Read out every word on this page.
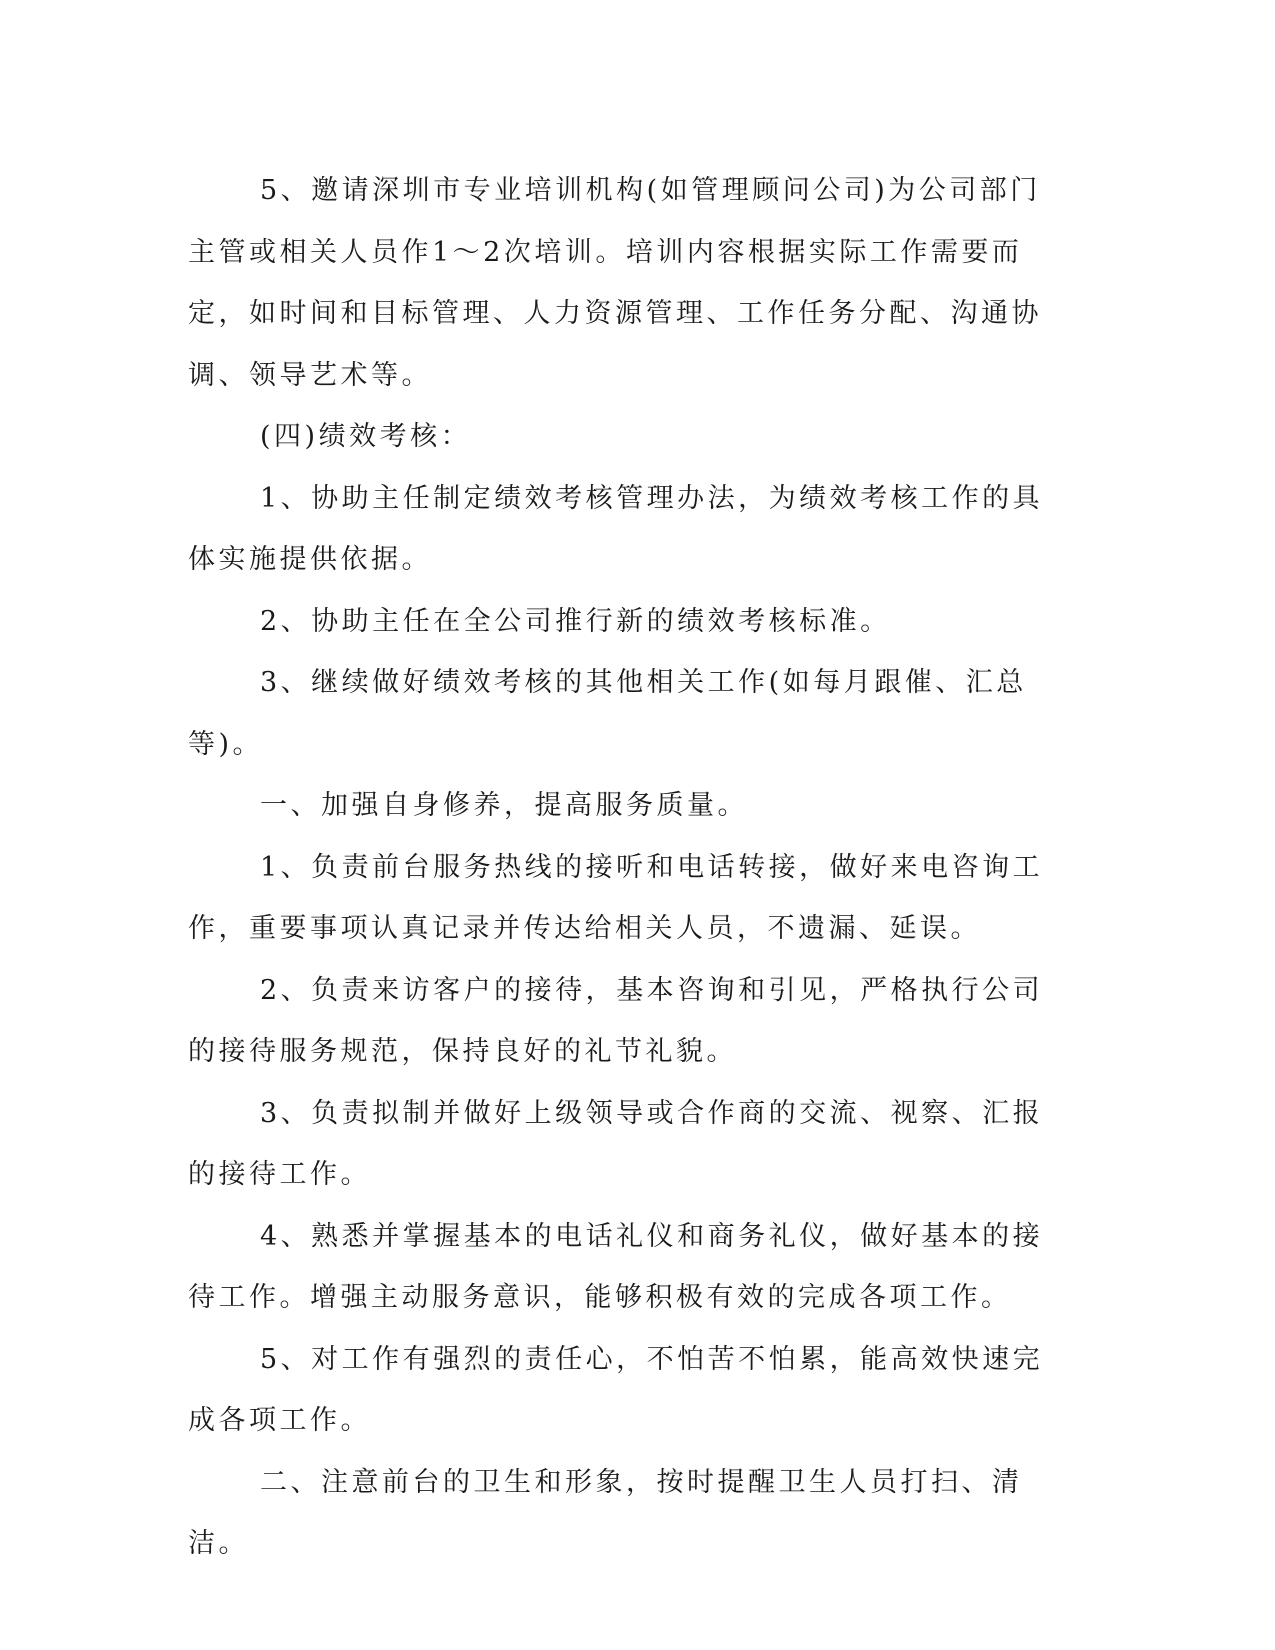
5、邀请深圳市专业培训机构(如管理顾问公司)为公司部门主管或相关人员作1～2次培训。培训内容根据实际工作需要而定，如时间和目标管理、人力资源管理、工作任务分配、沟通协调、领导艺术等。

(四)绩效考核：

1、协助主任制定绩效考核管理办法，为绩效考核工作的具体实施提供依据。

2、协助主任在全公司推行新的绩效考核标准。

3、继续做好绩效考核的其他相关工作(如每月跟催、汇总等)。

一、加强自身修养，提高服务质量。

1、负责前台服务热线的接听和电话转接，做好来电咨询工作，重要事项认真记录并传达给相关人员，不遗漏、延误。

2、负责来访客户的接待，基本咨询和引见，严格执行公司的接待服务规范，保持良好的礼节礼貌。

3、负责拟制并做好上级领导或合作商的交流、视察、汇报的接待工作。

4、熟悉并掌握基本的电话礼仪和商务礼仪，做好基本的接待工作。增强主动服务意识，能够积极有效的完成各项工作。

5、对工作有强烈的责任心，不怕苦不怕累，能高效快速完成各项工作。

二、注意前台的卫生和形象，按时提醒卫生人员打扫、清洁。
